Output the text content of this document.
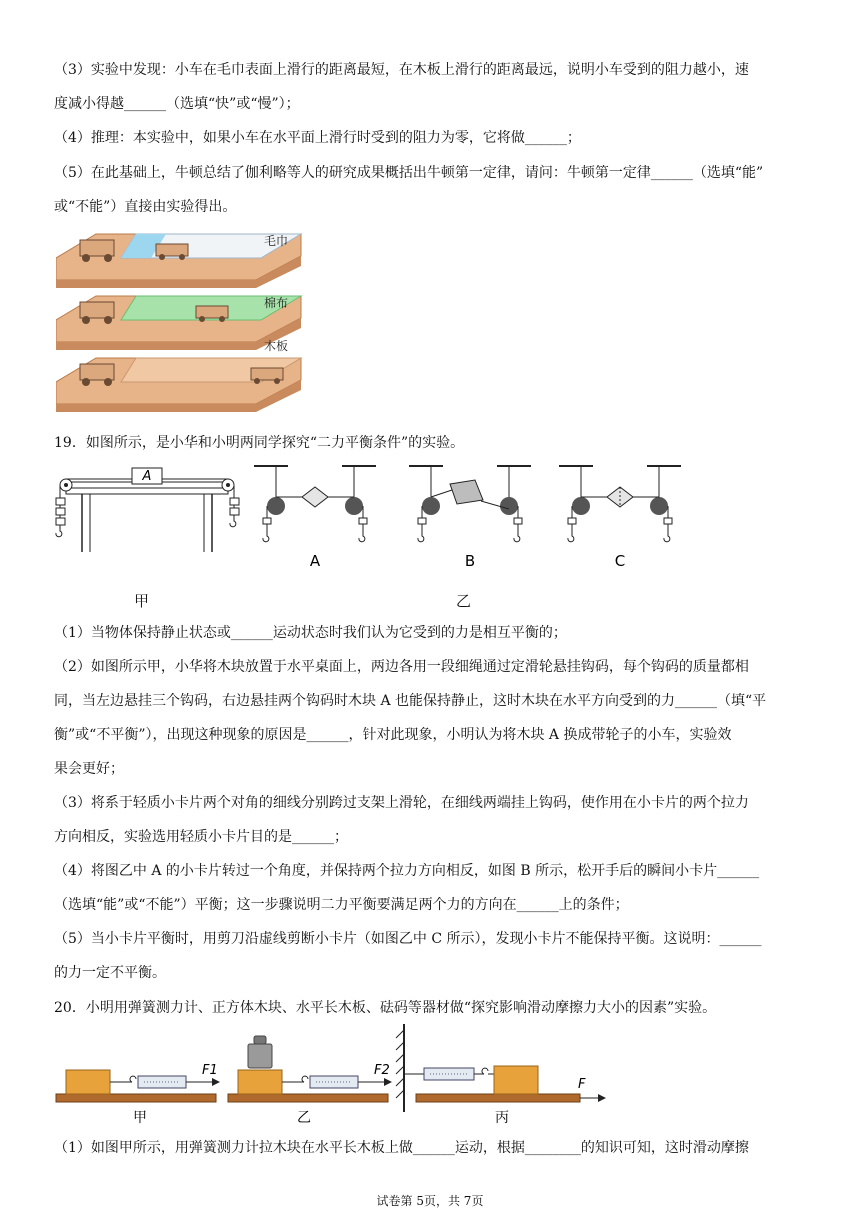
（3）实验中发现：小车在毛巾表面上滑行的距离最短，在木板上滑行的距离最远，说明小车受到的阻力越小，速
度减小得越______（选填“快”或“慢”）；
（4）推理：本实验中，如果小车在水平面上滑行时受到的阻力为零，它将做______；
（5）在此基础上，牛顿总结了伽利略等人的研究成果概括出牛顿第一定律，请问：牛顿第一定律______（选填“能”
或“不能”）直接由实验得出。
毛巾
棉布
木板
19．如图所示，是小华和小明两同学探究“二力平衡条件”的实验。
A
A	B	C
甲	乙
（1）当物体保持静止状态或______运动状态时我们认为它受到的力是相互平衡的；
（2）如图所示甲，小华将木块放置于水平桌面上，两边各用一段细绳通过定滑轮悬挂钩码，每个钩码的质量都相
同，当左边悬挂三个钩码，右边悬挂两个钩码时木块 A 也能保持静止，这时木块在水平方向受到的力______（填“平
衡”或“不平衡”），出现这种现象的原因是______，针对此现象，小明认为将木块 A 换成带轮子的小车，实验效
果会更好；
（3）将系于轻质小卡片两个对角的细线分别跨过支架上滑轮，在细线两端挂上钩码，使作用在小卡片的两个拉力
方向相反，实验选用轻质小卡片目的是______；
（4）将图乙中 A 的小卡片转过一个角度，并保持两个拉力方向相反，如图 B 所示，松开手后的瞬间小卡片______
（选填“能”或“不能”）平衡；这一步骤说明二力平衡要满足两个力的方向在______上的条件；
（5）当小卡片平衡时，用剪刀沿虚线剪断小卡片（如图乙中 C 所示），发现小卡片不能保持平衡。这说明：______
的力一定不平衡。
20．小明用弹簧测力计、正方体木块、水平长木板、砝码等器材做“探究影响滑动摩擦力大小的因素”实验。
F1
甲
F2
乙
F
丙
（1）如图甲所示，用弹簧测力计拉木块在水平长木板上做______运动，根据________的知识可知，这时滑动摩擦
试卷第 5页，共 7页
